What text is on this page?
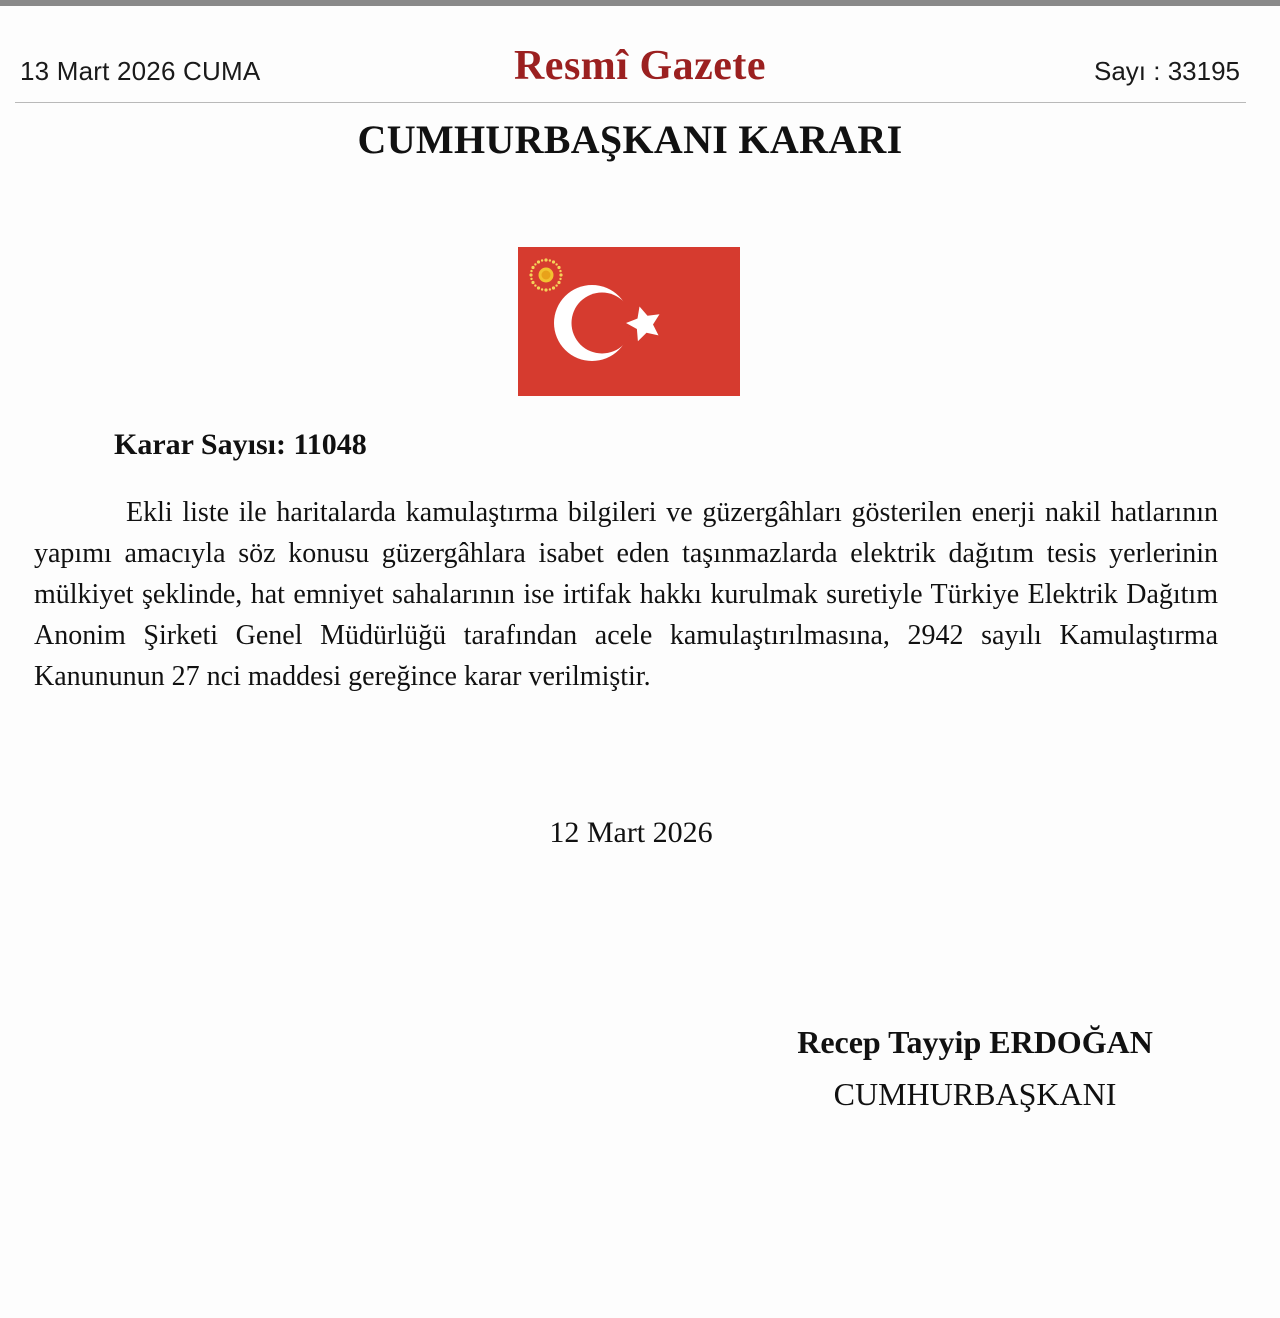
13 Mart 2026 CUMA	Resmî Gazete	Sayı : 33195
CUMHURBAŞKANI KARARI
Karar Sayısı: 11048

Ekli liste ile haritalarda kamulaştırma bilgileri ve güzergâhları gösterilen enerji nakil hatlarının yapımı amacıyla söz konusu güzergâhlara isabet eden taşınmazlarda elektrik dağıtım tesis yerlerinin mülkiyet şeklinde, hat emniyet sahalarının ise irtifak hakkı kurulmak suretiyle Türkiye Elektrik Dağıtım Anonim Şirketi Genel Müdürlüğü tarafından acele kamulaştırılmasına, 2942 sayılı Kamulaştırma Kanununun 27 nci maddesi gereğince karar verilmiştir.

12 Mart 2026
Recep Tayyip ERDOĞAN
CUMHURBAŞKANI
